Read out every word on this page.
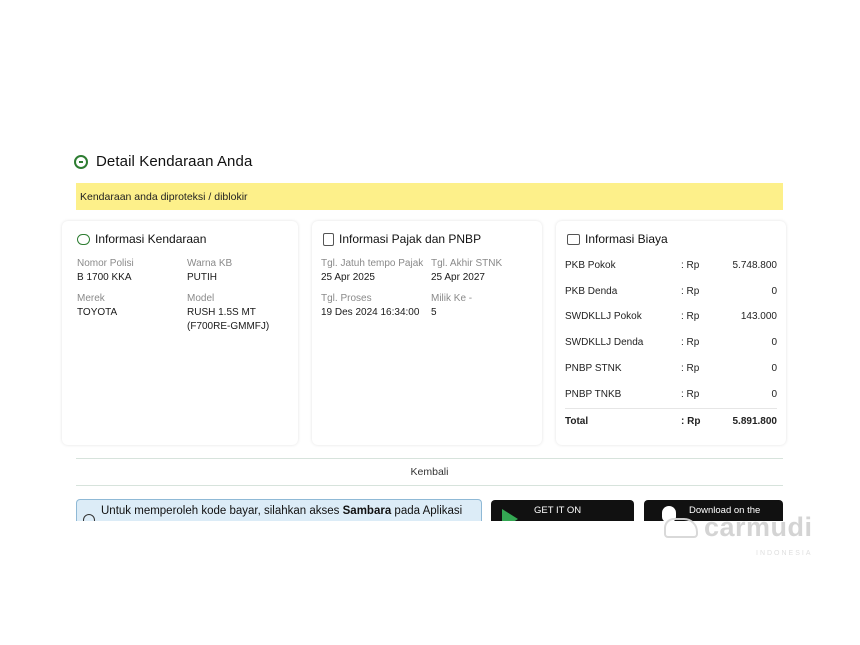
Detail Kendaraan Anda
Kendaraan anda diproteksi / diblokir
Informasi Kendaraan
Nomor Polisi
B 1700 KKA
Warna KB
PUTIH
Merek
TOYOTA
Model
RUSH 1.5S MT
(F700RE-GMMFJ)
Informasi Pajak dan PNBP
Tgl. Jatuh tempo Pajak
25 Apr 2025
Tgl. Akhir STNK
25 Apr 2027
Tgl. Proses
19 Des 2024 16:34:00
Milik Ke -
5
Informasi Biaya
PKB Pokok	: Rp	5.748.800
PKB Denda	: Rp	0
SWDKLLJ Pokok	: Rp	143.000
SWDKLLJ Denda	: Rp	0
PNBP STNK	: Rp	0
PNBP TNKB	: Rp	0
Total	: Rp	5.891.800
Kembali
Untuk memperoleh kode bayar, silahkan akses Sambara pada Aplikasi	GET IT ON	Download on the
carmudi
INDONESIA
